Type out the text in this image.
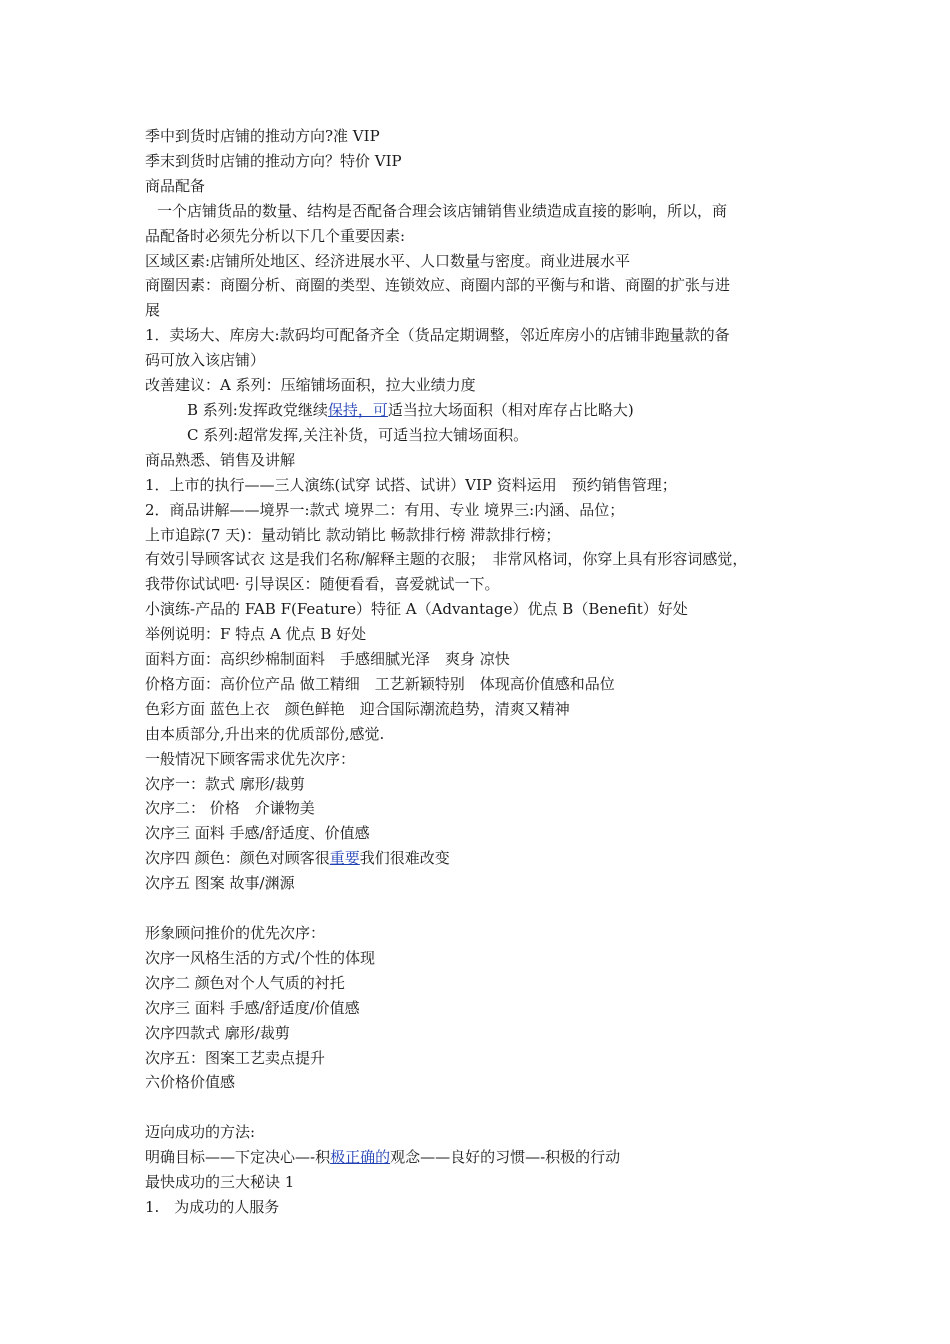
季中到货时店铺的推动方向?准 VIP
季末到货时店铺的推动方向？特价 VIP
商品配备
一个店铺货品的数量、结构是否配备合理会该店铺销售业绩造成直接的影响，所以，商
品配备时必须先分析以下几个重要因素:
区域区素:店铺所处地区、经济进展水平、人口数量与密度。商业进展水平
商圈因素：商圈分析、商圈的类型、连锁效应、商圈内部的平衡与和谐、商圈的扩张与进
展
1．卖场大、库房大:款码均可配备齐全（货品定期调整，邻近库房小的店铺非跑量款的备
码可放入该店铺）
改善建议：A 系列：压缩铺场面积，拉大业绩力度
B 系列:发挥政党继续保持，可适当拉大场面积（相对库存占比略大)
C 系列:超常发挥,关注补货，可适当拉大铺场面积。
商品熟悉、销售及讲解
1．上市的执行——三人演练(试穿 试搭、试讲）VIP 资料运用　预约销售管理；
2．商品讲解——境界一:款式 境界二：有用、专业 境界三:内涵、品位；
上市追踪(7 天)：量动销比 款动销比 畅款排行榜 滞款排行榜；
有效引导顾客试衣 这是我们名称/解释主题的衣服；　非常风格词，你穿上具有形容词感觉，
我带你试试吧· 引导误区：随便看看，喜爱就试一下。
小演练-产品的 FAB F(Feature）特征 A（Advantage）优点 B（Benefit）好处
举例说明：F 特点 A 优点 B 好处
面料方面：高织纱棉制面料　手感细腻光泽　爽身 凉快
价格方面：高价位产品 做工精细　工艺新颖特别　体现高价值感和品位
色彩方面 蓝色上衣　颜色鲜艳　迎合国际潮流趋势，清爽又精神
由本质部分,升出来的优质部份,感觉.
一般情况下顾客需求优先次序：
次序一：款式 廓形/裁剪
次序二： 价格　介谦物美
次序三 面料 手感/舒适度、价值感
次序四 颜色：颜色对顾客很重要我们很难改变
次序五 图案 故事/渊源
形象顾问推价的优先次序：
次序一风格生活的方式/个性的体现
次序二 颜色对个人气质的衬托
次序三 面料 手感/舒适度/价值感
次序四款式 廓形/裁剪
次序五：图案工艺卖点提升
六价格价值感
迈向成功的方法:
明确目标——下定决心—-积极正确的观念——良好的习惯—-积极的行动
最快成功的三大秘诀 1
1.　为成功的人服务
